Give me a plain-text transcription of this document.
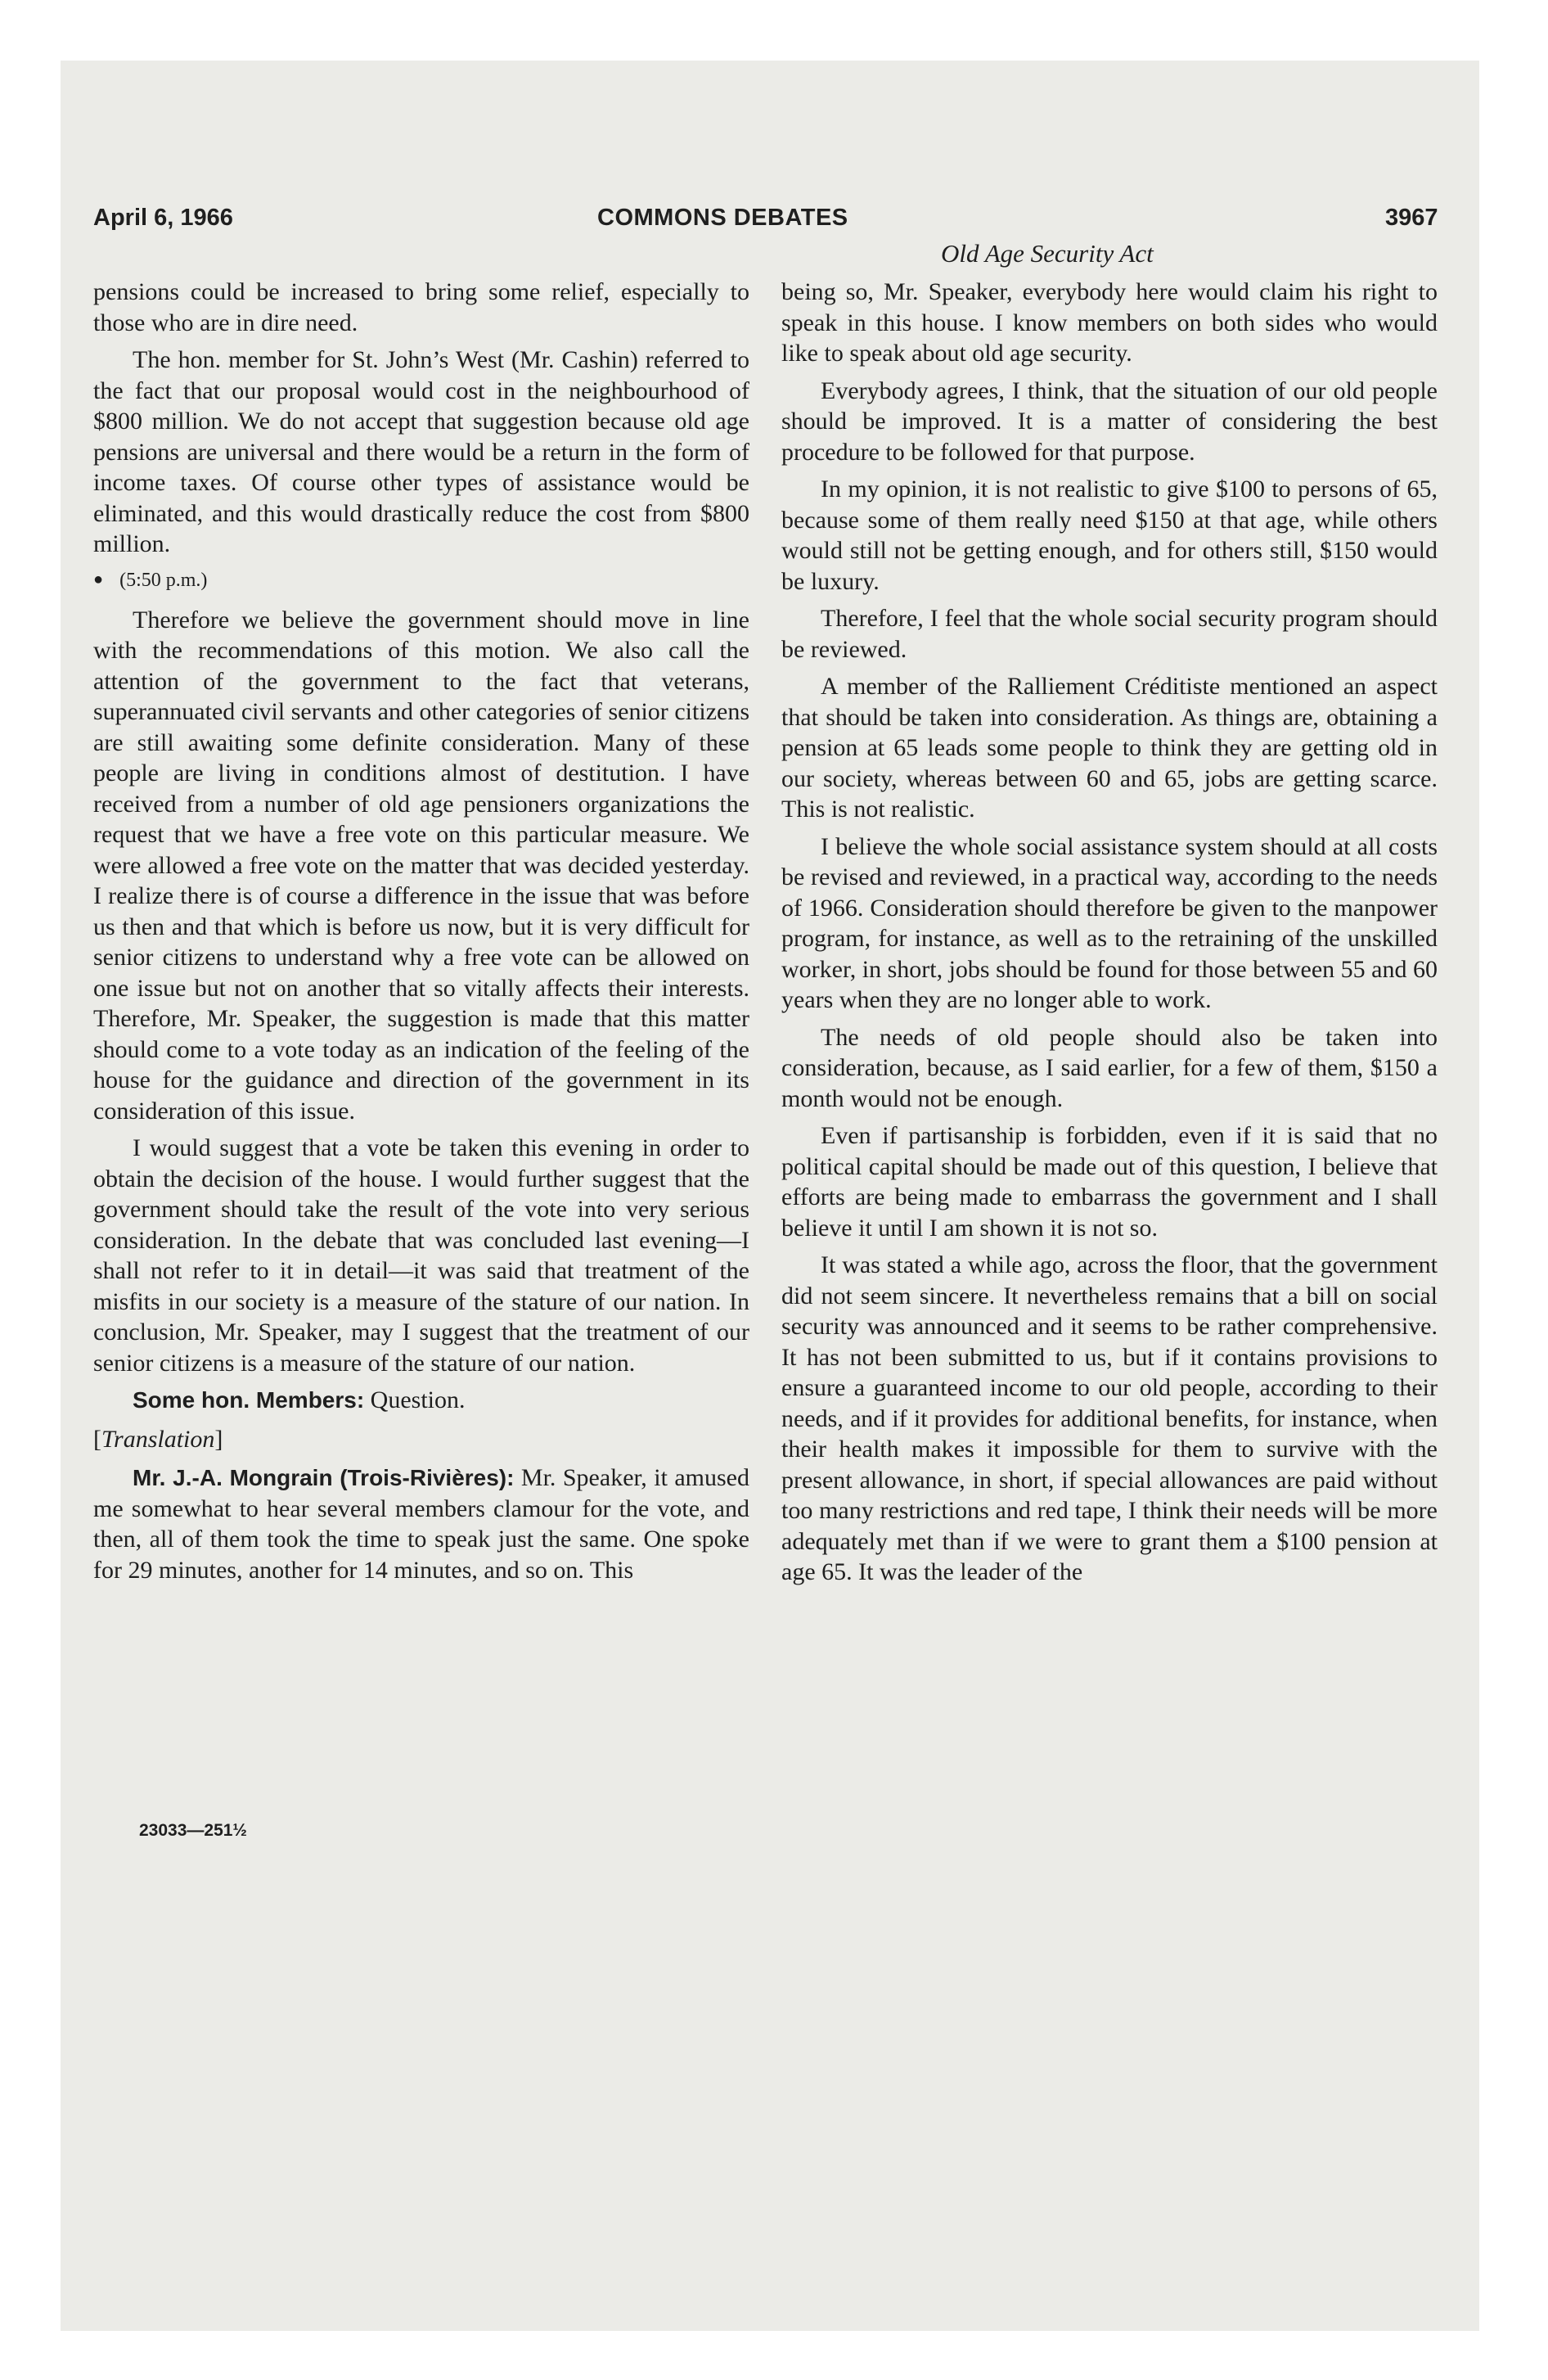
April 6, 1966	COMMONS DEBATES	3967
Old Age Security Act

pensions could be increased to bring some relief, especially to those who are in dire need.

The hon. member for St. John’s West (Mr. Cashin) referred to the fact that our proposal would cost in the neighbourhood of $800 million. We do not accept that suggestion because old age pensions are universal and there would be a return in the form of income taxes. Of course other types of assistance would be eliminated, and this would drastically reduce the cost from $800 million.

● (5:50 p.m.)

Therefore we believe the government should move in line with the recommendations of this motion. We also call the attention of the government to the fact that veterans, superannuated civil servants and other categories of senior citizens are still awaiting some definite consideration. Many of these people are living in conditions almost of destitution. I have received from a number of old age pensioners organizations the request that we have a free vote on this particular measure. We were allowed a free vote on the matter that was decided yesterday. I realize there is of course a difference in the issue that was before us then and that which is before us now, but it is very difficult for senior citizens to understand why a free vote can be allowed on one issue but not on another that so vitally affects their interests. Therefore, Mr. Speaker, the suggestion is made that this matter should come to a vote today as an indication of the feeling of the house for the guidance and direction of the government in its consideration of this issue.

I would suggest that a vote be taken this evening in order to obtain the decision of the house. I would further suggest that the government should take the result of the vote into very serious consideration. In the debate that was concluded last evening—I shall not refer to it in detail—it was said that treatment of the misfits in our society is a measure of the stature of our nation. In conclusion, Mr. Speaker, may I suggest that the treatment of our senior citizens is a measure of the stature of our nation.

Some hon. Members: Question.

[Translation]

Mr. J.-A. Mongrain (Trois-Rivières): Mr. Speaker, it amused me somewhat to hear several members clamour for the vote, and then, all of them took the time to speak just the same. One spoke for 29 minutes, another for 14 minutes, and so on. This

23033—251½

being so, Mr. Speaker, everybody here would claim his right to speak in this house. I know members on both sides who would like to speak about old age security.

Everybody agrees, I think, that the situation of our old people should be improved. It is a matter of considering the best procedure to be followed for that purpose.

In my opinion, it is not realistic to give $100 to persons of 65, because some of them really need $150 at that age, while others would still not be getting enough, and for others still, $150 would be luxury.

Therefore, I feel that the whole social security program should be reviewed.

A member of the Ralliement Créditiste mentioned an aspect that should be taken into consideration. As things are, obtaining a pension at 65 leads some people to think they are getting old in our society, whereas between 60 and 65, jobs are getting scarce. This is not realistic.

I believe the whole social assistance system should at all costs be revised and reviewed, in a practical way, according to the needs of 1966. Consideration should therefore be given to the manpower program, for instance, as well as to the retraining of the unskilled worker, in short, jobs should be found for those between 55 and 60 years when they are no longer able to work.

The needs of old people should also be taken into consideration, because, as I said earlier, for a few of them, $150 a month would not be enough.

Even if partisanship is forbidden, even if it is said that no political capital should be made out of this question, I believe that efforts are being made to embarrass the government and I shall believe it until I am shown it is not so.

It was stated a while ago, across the floor, that the government did not seem sincere. It nevertheless remains that a bill on social security was announced and it seems to be rather comprehensive. It has not been submitted to us, but if it contains provisions to ensure a guaranteed income to our old people, according to their needs, and if it provides for additional benefits, for instance, when their health makes it impossible for them to survive with the present allowance, in short, if special allowances are paid without too many restrictions and red tape, I think their needs will be more adequately met than if we were to grant them a $100 pension at age 65. It was the leader of the
